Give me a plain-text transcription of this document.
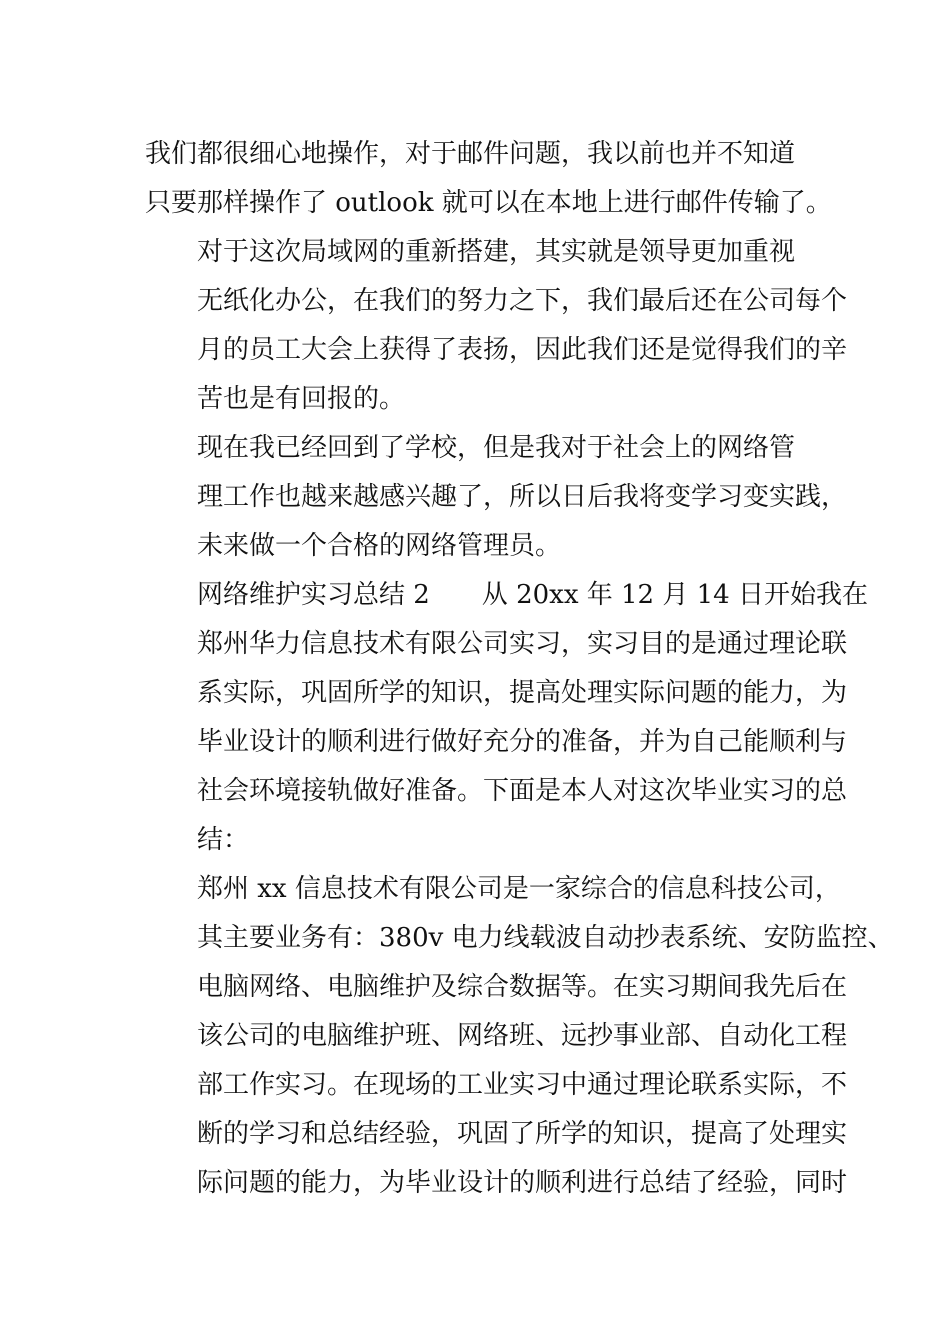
我们都很细心地操作，对于邮件问题，我以前也并不知道
只要那样操作了 outlook 就可以在本地上进行邮件传输了。

对于这次局域网的重新搭建，其实就是领导更加重视
无纸化办公，在我们的努力之下，我们最后还在公司每个
月的员工大会上获得了表扬，因此我们还是觉得我们的辛
苦也是有回报的。

现在我已经回到了学校，但是我对于社会上的网络管
理工作也越来越感兴趣了，所以日后我将变学习变实践，
未来做一个合格的网络管理员。

网络维护实习总结 2　　从 20xx 年 12 月 14 日开始我在
郑州华力信息技术有限公司实习，实习目的是通过理论联
系实际，巩固所学的知识，提高处理实际问题的能力，为
毕业设计的顺利进行做好充分的准备，并为自己能顺利与
社会环境接轨做好准备。下面是本人对这次毕业实习的总
结：

郑州 xx 信息技术有限公司是一家综合的信息科技公司，
其主要业务有：380v 电力线载波自动抄表系统、安防监控、
电脑网络、电脑维护及综合数据等。在实习期间我先后在
该公司的电脑维护班、网络班、远抄事业部、自动化工程
部工作实习。在现场的工业实习中通过理论联系实际，不
断的学习和总结经验，巩固了所学的知识，提高了处理实
际问题的能力，为毕业设计的顺利进行总结了经验，同时
